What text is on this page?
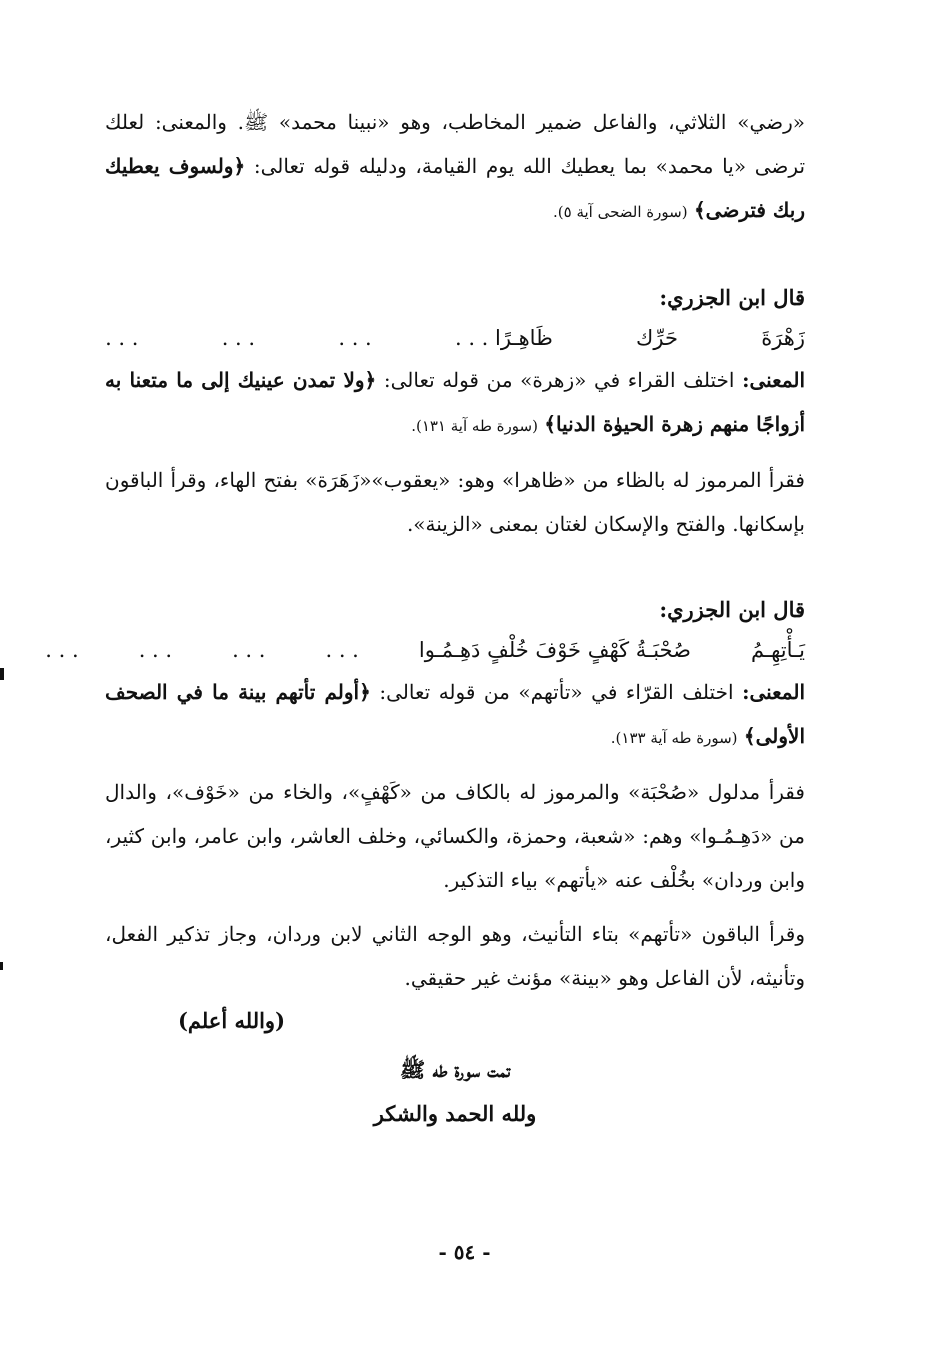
«رضي» الثلاثي، والفاعل ضمير المخاطب، وهو «نبينا محمد» ﷺ. والمعنى: لعلك ترضى «يا محمد» بما يعطيك الله يوم القيامة، ودليله قوله تعالى: ﴿ولسوف يعطيك ربك فترضى﴾ (سورة الضحى آية ٥).

قال ابن الجزري:

زَهْرَةَ
حَرِّك
ظَاهِـرًا . . .
. . .
. . .
. . .

المعنى: اختلف القراء في «زهرة» من قوله تعالى: ﴿ولا تمدن عينيك إلى ما متعنا به أزواجًا منهم زهرة الحيوٰة الدنيا﴾ (سورة طه آية ١٣١).

فقرأ المرموز له بالظاء من «ظاهرا» وهو: «يعقوب»«زَهَرَة» بفتح الهاء، وقرأ الباقون بإسكانها. والفتح والإسكان لغتان بمعنى «الزينة».

قال ابن الجزري:

يَـأْتِهِـمُ
صُحْبَـةُ كَهْفٍ خَوْفَ خُلْفٍ دَهِـمُـوا
. . .
. . .
. . .
. . .

المعنى: اختلف القرّاء في «تأتهم» من قوله تعالى: ﴿أولم تأتهم بينة ما في الصحف الأولى﴾ (سورة طه آية ١٣٣).

فقرأ مدلول «صُحْبَة» والمرموز له بالكاف من «كَهْفٍ»، والخاء من «خَوْف»، والدال من «دَهِـمُـوا» وهم: «شعبة، وحمزة، والكسائي، وخلف العاشر، وابن عامر، وابن كثير، وابن وردان» بخُلْف عنه «يأتهم» بياء التذكير.

وقرأ الباقون «تأتهم» بتاء التأنيث، وهو الوجه الثاني لابن وردان، وجاز تذكير الفعل، وتأنيثه، لأن الفاعل وهو «بينة» مؤنث غير حقيقي.

(والله أعلم)

تمت سورة طه ﷺ
ولله الحمد والشكر
- ٥٤ -
